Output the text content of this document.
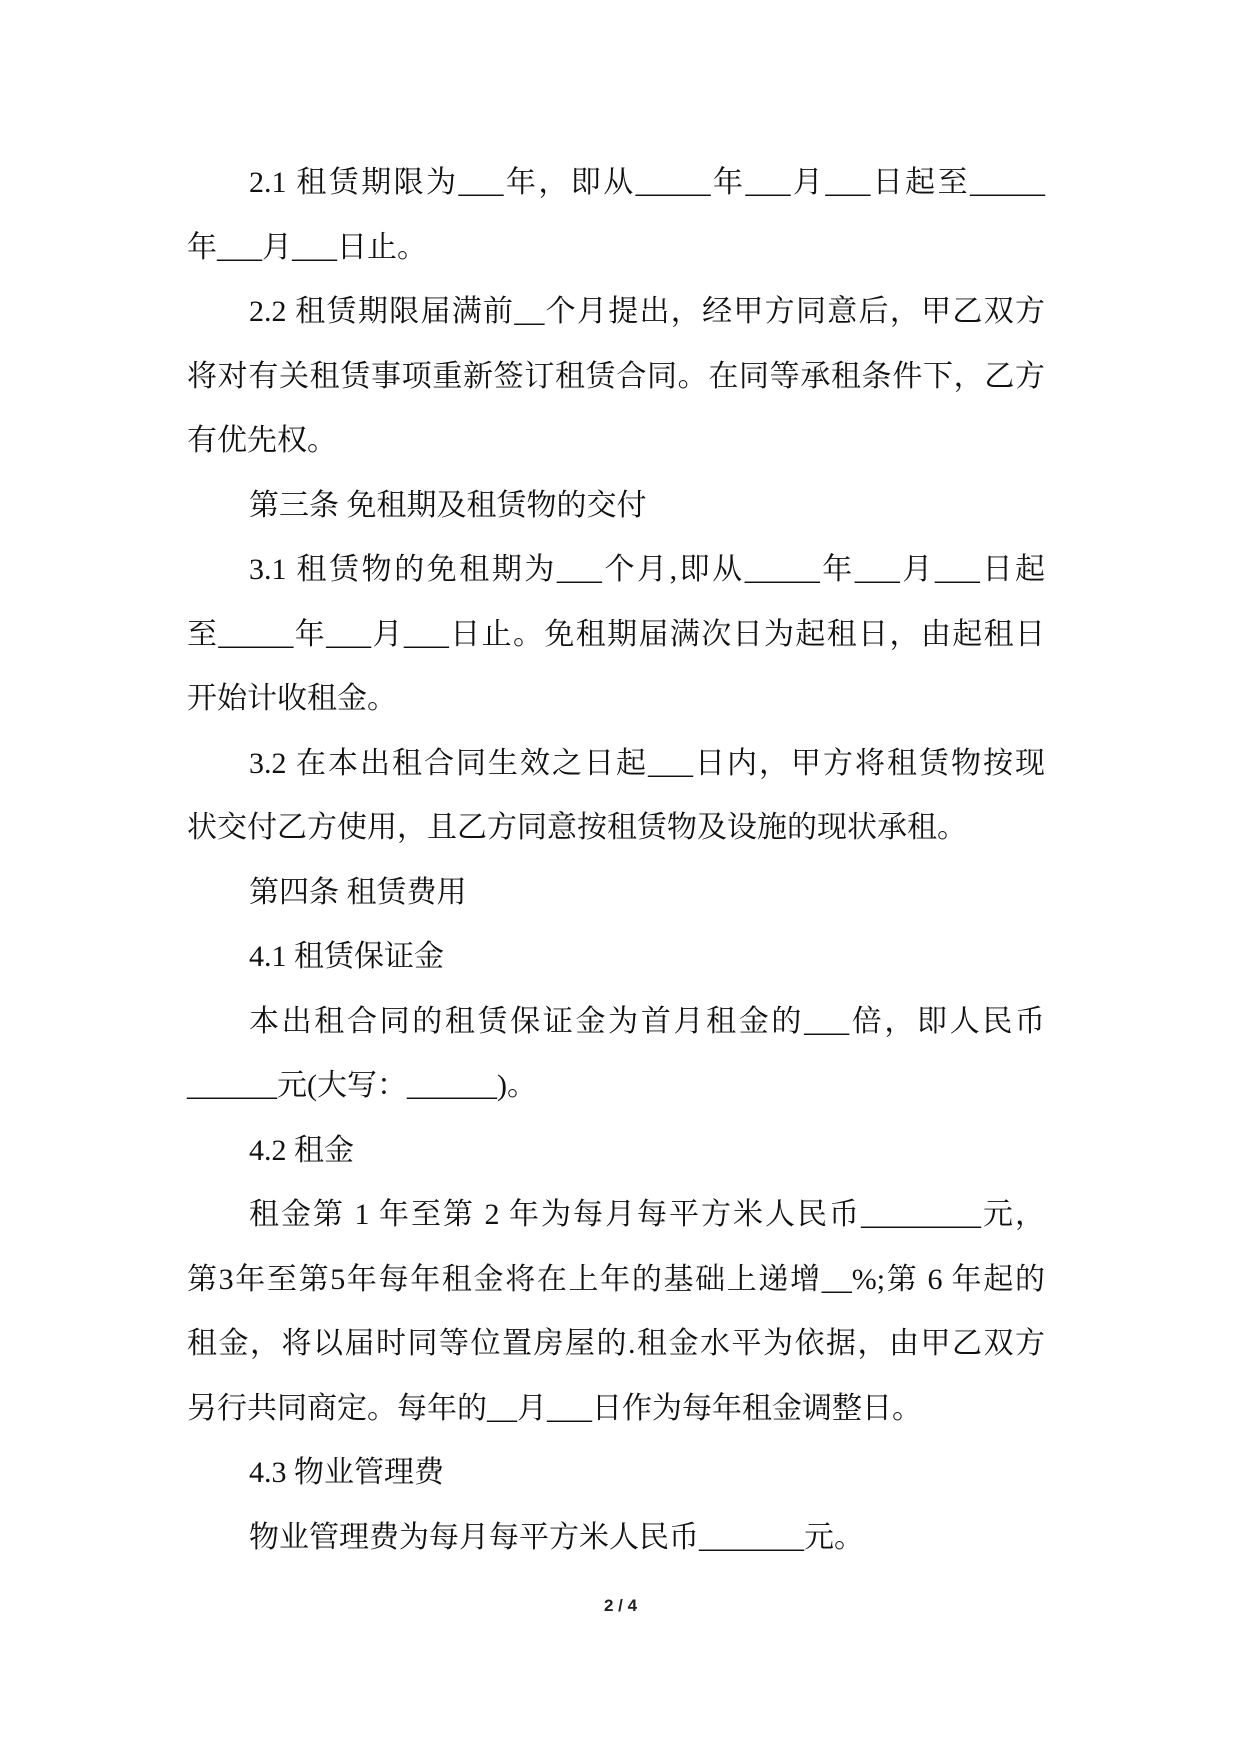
2.1 租赁期限为___年，即从_____年___月___日起至_____
年___月___日止。
2.2 租赁期限届满前__个月提出，经甲方同意后，甲乙双方
将对有关租赁事项重新签订租赁合同。在同等承租条件下，乙方
有优先权。
第三条 免租期及租赁物的交付
3.1 租赁物的免租期为___个月,即从_____年___月___日起
至_____年___月___日止。免租期届满次日为起租日，由起租日
开始计收租金。
3.2 在本出租合同生效之日起___日内，甲方将租赁物按现
状交付乙方使用，且乙方同意按租赁物及设施的现状承租。
第四条 租赁费用
4.1 租赁保证金
本出租合同的租赁保证金为首月租金的___倍，即人民币
______元(大写：______)。
4.2 租金
租金第 1 年至第 2 年为每月每平方米人民币________元，
第3年至第5年每年租金将在上年的基础上递增__%;第 6 年起的
租金，将以届时同等位置房屋的.租金水平为依据，由甲乙双方
另行共同商定。每年的__月___日作为每年租金调整日。
4.3 物业管理费
物业管理费为每月每平方米人民币_______元。
2 / 4
